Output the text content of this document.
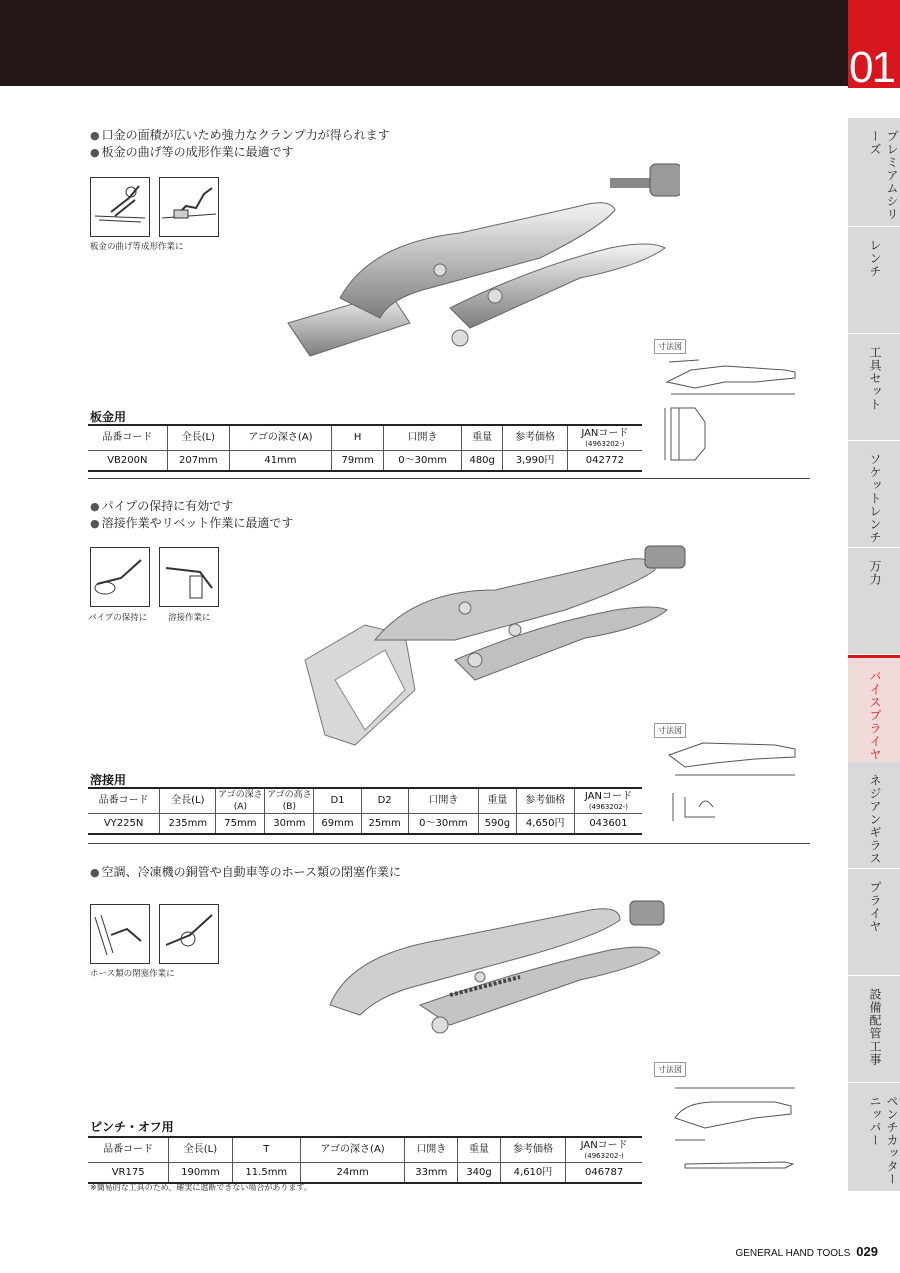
01
プレミアムシリーズ
レンチ
工具セット
ソケットレンチ
万力
バイスプライヤ
ネジアンギラス
プライヤ
設備配管工事
ペンチカッターニッパー
● 口金の面積が広いため強力なクランプ力が得られます
● 板金の曲げ等の成形作業に最適です
板金の曲げ等成形作業に
寸法図
板金用
品番コード	全長(L)	アゴの深さ(A)	H	口開き	重量	参考価格	JANコード
(4963202-)

VB200N	207mm	41mm	79mm	0〜30mm	480g	3,990円	042772
● パイプの保持に有効です
● 溶接作業やリベット作業に最適です
パイプの保持に 溶接作業に
寸法図
溶接用
品番コード	全長(L)	アゴの深さ(A)	アゴの高さ(B)	D1	D2	口開き	重量	参考価格	JANコード
(4963202-)

VY225N	235mm	75mm	30mm	69mm	25mm	0〜30mm	590g	4,650円	043601
● 空調、冷凍機の銅管や自動車等のホース類の閉塞作業に
ホース類の閉塞作業に
寸法図
ピンチ・オフ用
品番コード	全長(L)	T	アゴの深さ(A)	口開き	重量	参考価格	JANコード
(4963202-)

VR175	190mm	11.5mm	24mm	33mm	340g	4,610円	046787
※簡易的な工具のため、確実に遮断できない場合があります。
GENERAL HAND TOOLS 029
